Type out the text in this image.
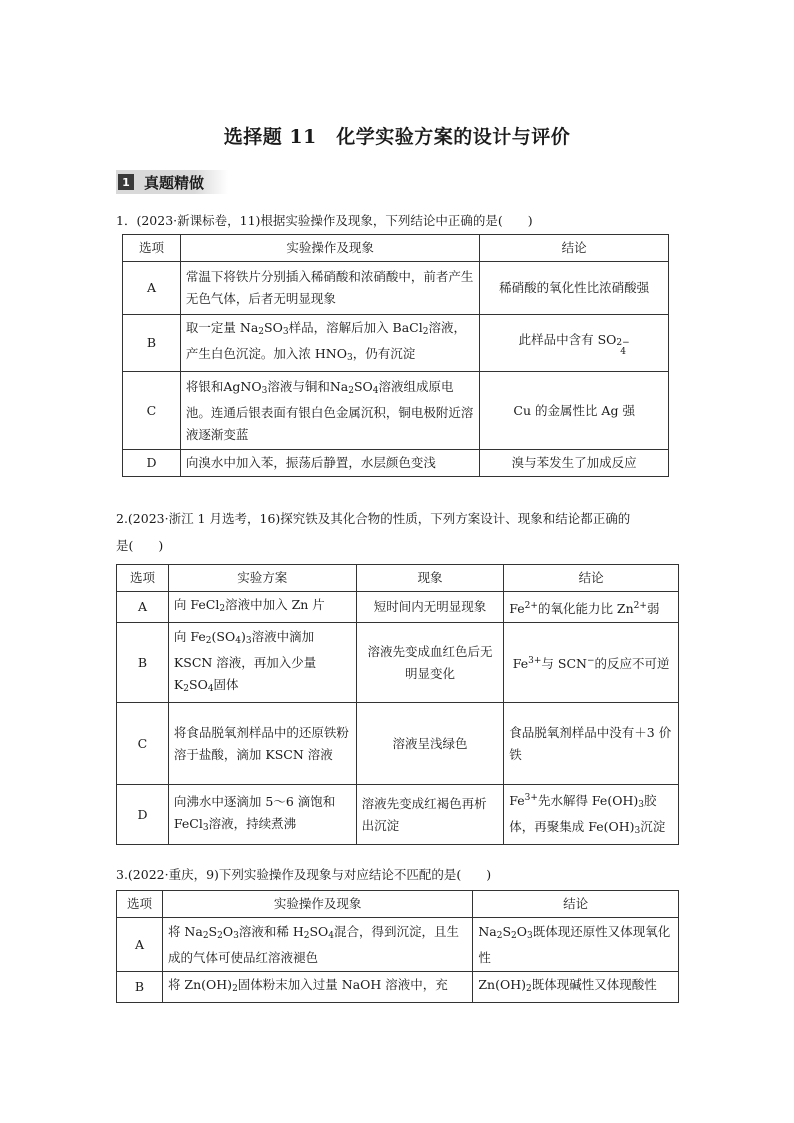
选择题 11　化学实验方案的设计与评价
1 真题精做
1．(2023·新课标卷，11)根据实验操作及现象，下列结论中正确的是(　　)
选项	实验操作及现象	结论
A	常温下将铁片分别插入稀硝酸和浓硝酸中，前者产生无色气体，后者无明显现象	稀硝酸的氧化性比浓硝酸强
B	取一定量 $Na_2SO_3$样品，溶解后加入 BaCl$_2$溶液，产生白色沉淀。加入浓 $HNO_3$，仍有沉淀	此样品中含有 SO 2−
4

C	将银和AgNO$_3$溶液与铜和$Na_2SO_4$溶液组成原电池。连通后银表面有银白色金属沉积，铜电极附近溶液逐渐变蓝	Cu 的金属性比 Ag 强
D	向溴水中加入苯，振荡后静置，水层颜色变浅	溴与苯发生了加成反应
2.(2023·浙江 1 月选考，16)探究铁及其化合物的性质，下列方案设计、现象和结论都正确的
是(　　)
选项	实验方案	现象	结论
A	向 FeCl$_2$溶液中加入 Zn 片	短时间内无明显现象	$Fe^{2+}$的氧化能力比 $Zn^{2+}$弱
B	向 $Fe_2(SO_4)_3$溶液中滴加 KSCN 溶液，再加入少量 $K_2SO_4$固体	溶液先变成血红色后无明显变化	$Fe^{3+}$与 SCN−的反应不可逆
C	将食品脱氧剂样品中的还原铁粉溶于盐酸，滴加 KSCN 溶液	溶液呈浅绿色	食品脱氧剂样品中没有＋3 价铁
D	向沸水中逐滴加 5～6 滴饱和 FeCl$_3$溶液，持续煮沸	溶液先变成红褐色再析出沉淀	$Fe^{3+}$先水解得 $Fe(OH)_3$胶体，再聚集成 $Fe(OH)_3$沉淀
3.(2022·重庆，9)下列实验操作及现象与对应结论不匹配的是(　　)
选项	实验操作及现象	结论
A	将 $Na_2S_2O_3$溶液和稀 $H_2SO_4$混合，得到沉淀，且生成的气体可使品红溶液褪色	$Na_2S_2O_3$既体现还原性又体现氧化性
B	将 $Zn(OH)_2$固体粉末加入过量 NaOH 溶液中，充	$Zn(OH)_2$既体现碱性又体现酸性
